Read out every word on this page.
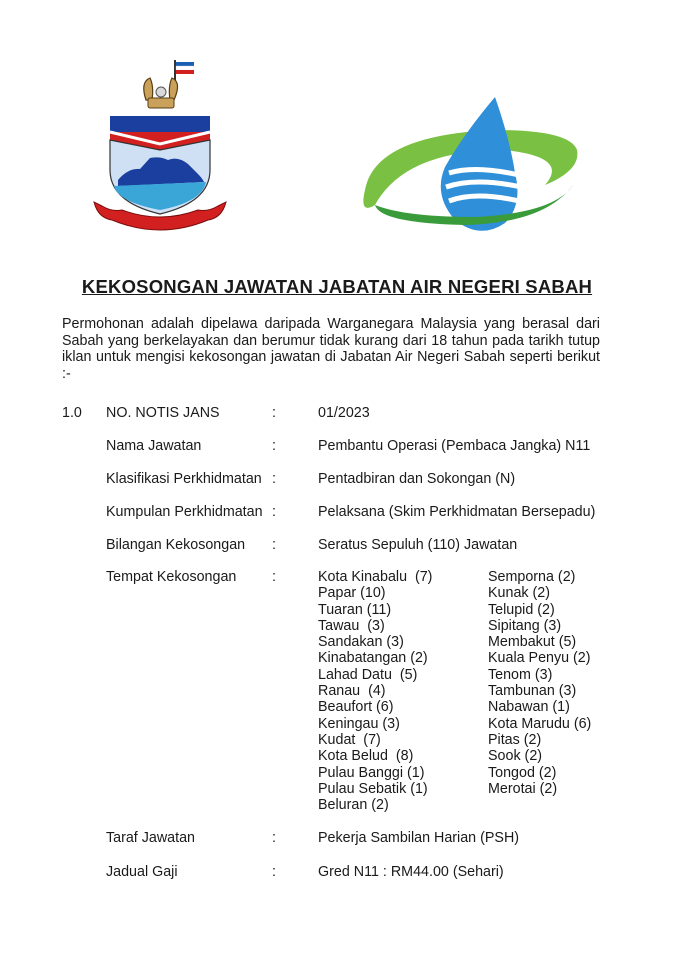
KEKOSONGAN JAWATAN JABATAN AIR NEGERI SABAH
Permohonan adalah dipelawa daripada Warganegara Malaysia yang berasal dari Sabah yang berkelayakan dan berumur tidak kurang dari 18 tahun pada tarikh tutup iklan untuk mengisi kekosongan jawatan di Jabatan Air Negeri Sabah seperti berikut :-
1.0 NO. NOTIS JANS	:	01/2023
Nama Jawatan	:	Pembantu Operasi (Pembaca Jangka) N11
Klasifikasi Perkhidmatan :	Pentadbiran dan Sokongan (N)
Kumpulan Perkhidmatan :	Pelaksana (Skim Perkhidmatan Bersepadu)
Bilangan Kekosongan :	Seratus Sepuluh (110) Jawatan
Tempat Kekosongan :	Kota Kinabalu  (7)
Papar (10)
Tuaran (11)
Tawau  (3)
Sandakan (3)
Kinabatangan (2)
Lahad Datu  (5)
Ranau  (4)
Beaufort (6)
Keningau (3)
Kudat  (7)
Kota Belud  (8)
Pulau Banggi (1)
Pulau Sebatik (1)
Beluran (2)
Semporna (2)
Kunak (2)
Telupid (2)
Sipitang (3)
Membakut (5)
Kuala Penyu (2)
Tenom (3)
Tambunan (3)
Nabawan (1)
Kota Marudu (6)
Pitas (2)
Sook (2)
Tongod (2)
Merotai (2)
Taraf Jawatan	:	Pekerja Sambilan Harian (PSH)
Jadual Gaji	:	Gred N11 : RM44.00 (Sehari)
